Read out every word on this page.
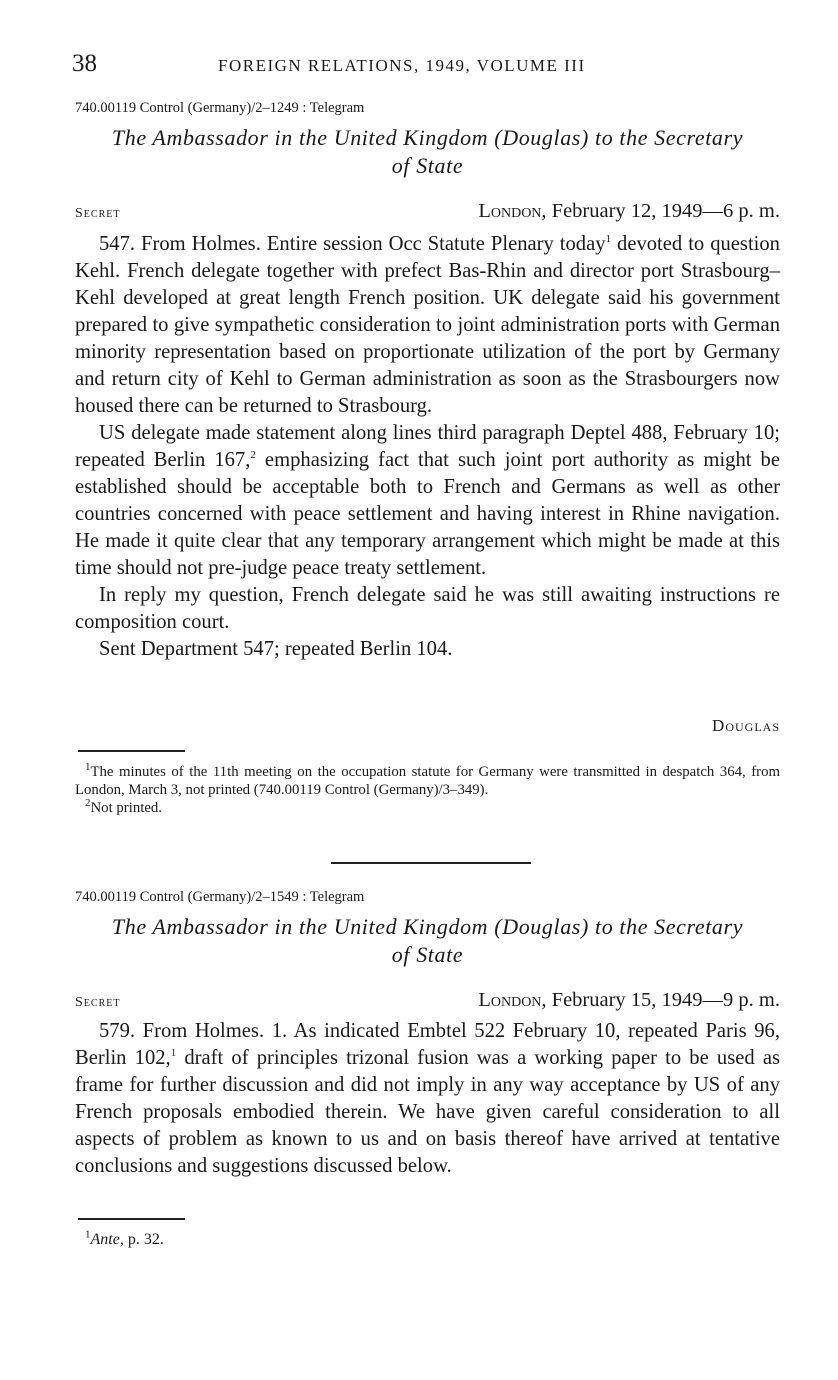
38	FOREIGN RELATIONS, 1949, VOLUME III
740.00119 Control (Germany)/2–1249 : Telegram
The Ambassador in the United Kingdom (Douglas) to the Secretary
of State
Secret	London, February 12, 1949—6 p. m.

547. From Holmes. Entire session Occ Statute Plenary today$^1$ devoted to question Kehl. French delegate together with prefect Bas-Rhin and director port Strasbourg–Kehl developed at great length French position. UK delegate said his government prepared to give sympathetic consideration to joint administration ports with German minority representation based on proportionate utilization of the port by Germany and return city of Kehl to German administration as soon as the Strasbourgers now housed there can be returned to Strasbourg.

US delegate made statement along lines third paragraph Deptel 488, February 10; repeated Berlin 167,$^2$ emphasizing fact that such joint port authority as might be established should be acceptable both to French and Germans as well as other countries concerned with peace settlement and having interest in Rhine navigation. He made it quite clear that any temporary arrangement which might be made at this time should not pre-judge peace treaty settlement.

In reply my question, French delegate said he was still awaiting instructions re composition court.

Sent Department 547; repeated Berlin 104.

Douglas

$^1$The minutes of the 11th meeting on the occupation statute for Germany were transmitted in despatch 364, from London, March 3, not printed (740.00119 Control (Germany)/3–349).

$^2$Not printed.

740.00119 Control (Germany)/2–1549 : Telegram
The Ambassador in the United Kingdom (Douglas) to the Secretary
of State
Secret	London, February 15, 1949—9 p. m.

579. From Holmes. 1. As indicated Embtel 522 February 10, repeated Paris 96, Berlin 102,$^1$ draft of principles trizonal fusion was a working paper to be used as frame for further discussion and did not imply in any way acceptance by US of any French proposals embodied therein. We have given careful consideration to all aspects of problem as known to us and on basis thereof have arrived at tentative conclusions and suggestions discussed below.

$^1$Ante, p. 32.
